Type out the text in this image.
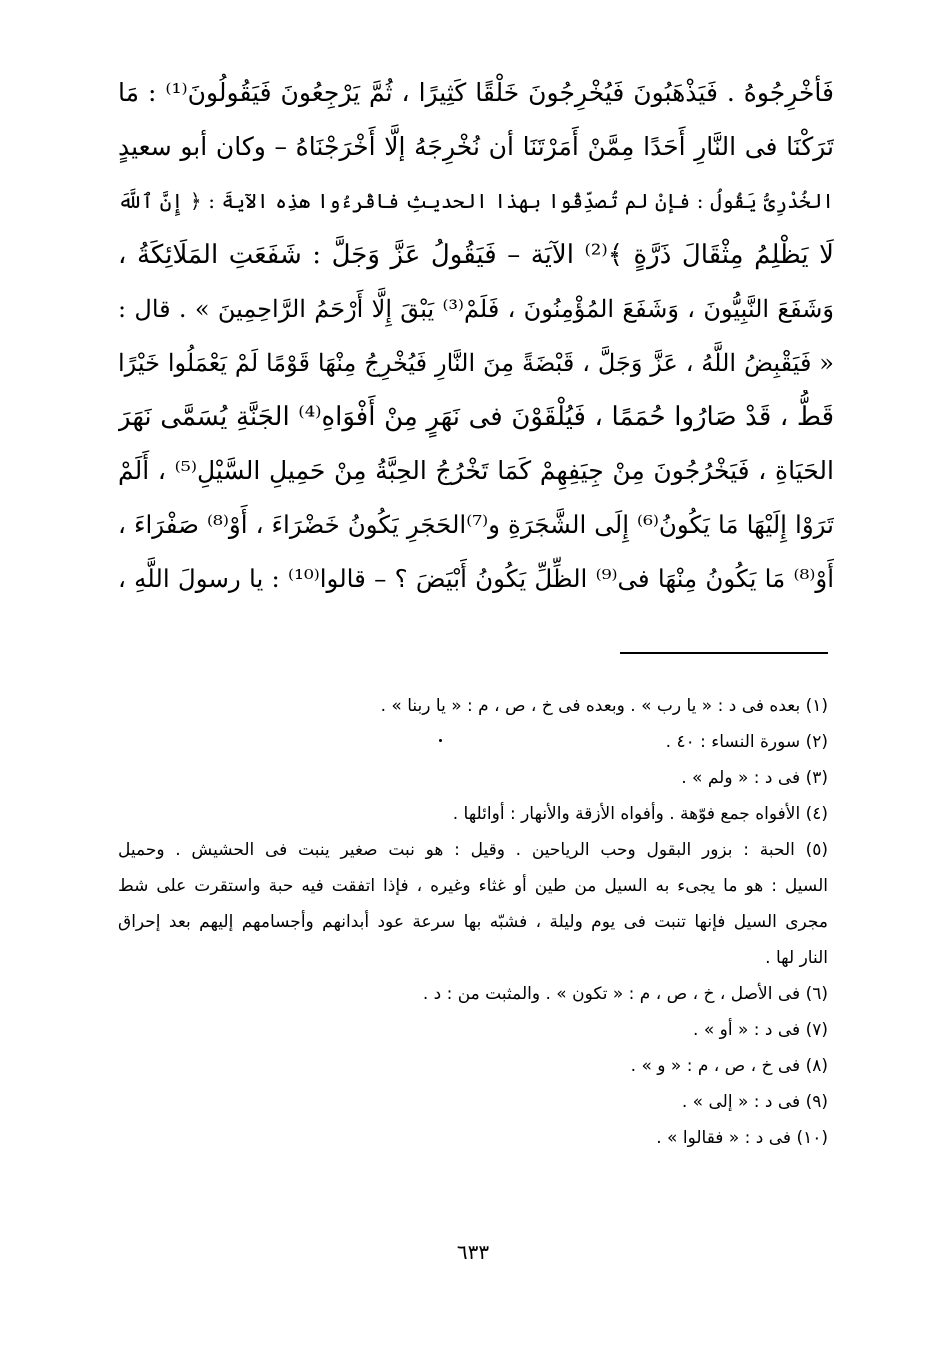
فَأخْرِجُوهُ . فَيَذْهَبُونَ فَيُخْرِجُونَ خَلْقًا كَثِيرًا ، ثُمَّ يَرْجِعُونَ فَيَقُولُونَ⁽¹⁾ : مَا
تَرَكْنَا فى النَّارِ أَحَدًا مِمَّنْ أَمَرْتَنَا أن نُخْرِجَهُ إلَّا أَخْرَجْنَاهُ – وكان أبو سعيدٍ
الخُدْرِىُّ يَقُولُ : فإنْ لم تُصدِّقُوا بهذا الحديثِ فاقْرءُوا هذِه الآيةَ : ﴿ إِنَّ ٱللَّهَ
لَا يَظْلِمُ مِثْقَالَ ذَرَّةٍ ﴾⁽²⁾ الآيَة – فَيَقُولُ عَزَّ وَجَلَّ : شَفَعَتِ المَلَائِكَةُ ،
وَشَفَعَ النَّبِيُّونَ ، وَشَفَعَ المُؤْمِنُونَ ، فَلَمْ⁽³⁾ يَبْقَ إِلَّا أَرْحَمُ الرَّاحِمِينَ » . قال :
« فَيَقْبِضُ اللَّهُ ، عَزَّ وَجَلَّ ، قَبْضَةً مِنَ النَّارِ فَيُخْرِجُ مِنْهَا قَوْمًا لَمْ يَعْمَلُوا خَيْرًا
قَطُّ ، قَدْ صَارُوا حُمَمًا ، فَيُلْقَوْنَ فى نَهَرٍ مِنْ أَفْوَاهِ⁽⁴⁾ الجَنَّةِ يُسَمَّى نَهَرَ
الحَيَاةِ ، فَيَخْرُجُونَ مِنْ جِيَفِهِمْ كَمَا تَخْرُجُ الحِبَّةُ مِنْ حَمِيلِ السَّيْلِ⁽⁵⁾ ، أَلَمْ
تَرَوْا إِلَيْهَا مَا يَكُونُ⁽⁶⁾ إِلَى الشَّجَرَةِ و⁽⁷⁾الحَجَرِ يَكُونُ خَضْرَاءَ ، أَوْ⁽⁸⁾ صَفْرَاءَ ،
أَوْ⁽⁸⁾ مَا يَكُونُ مِنْهَا فى⁽⁹⁾ الظِّلِّ يَكُونُ أَبْيَضَ ؟ – قالوا⁽¹⁰⁾ : يا رسولَ اللَّهِ ،
(١) بعده فى د : « يا رب » . وبعده فى خ ، ص ، م : « يا ربنا » .
(٢) سورة النساء : ٤٠ .
(٣) فى د : « ولم » .
(٤) الأفواه جمع فوّهة . وأفواه الأزقة والأنهار : أوائلها .
(٥) الحبة : بزور البقول وحب الرياحين . وقيل : هو نبت صغير ينبت فى الحشيش . وحميل
السيل : هو ما يجىء به السيل من طين أو غثاء وغيره ، فإذا اتفقت فيه حبة واستقرت على شط
مجرى السيل فإنها تنبت فى يوم وليلة ، فشبّه بها سرعة عود أبدانهم وأجسامهم إليهم بعد إحراق
النار لها .
(٦) فى الأصل ، خ ، ص ، م : « تكون » . والمثبت من : د .
(٧) فى د : « أو » .
(٨) فى خ ، ص ، م : « و » .
(٩) فى د : « إلى » .
(١٠) فى د : « فقالوا » .
٦٣٣
